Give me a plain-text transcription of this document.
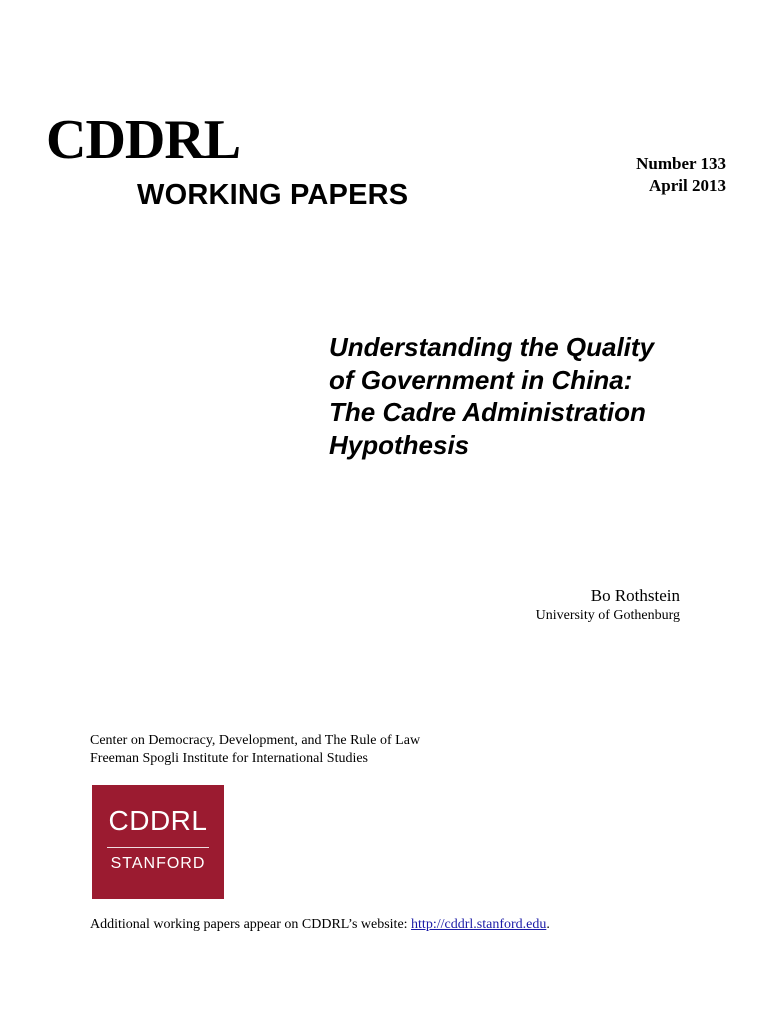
CDDRL
WORKING PAPERS
Number 133
April 2013
Understanding the Quality
of Government in China:
The Cadre Administration
Hypothesis
Bo Rothstein
University of Gothenburg
Center on Democracy, Development, and The Rule of Law
Freeman Spogli Institute for International Studies
CDDRL
STANFORD
Additional working papers appear on CDDRL’s website: http://cddrl.stanford.edu.
